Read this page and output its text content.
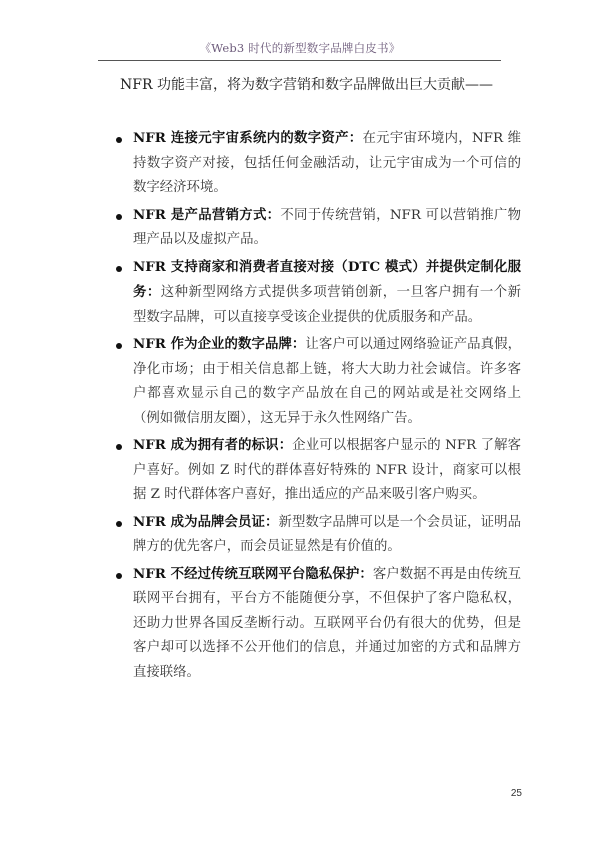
《Web3 时代的新型数字品牌白皮书》
NFR 功能丰富，将为数字营销和数字品牌做出巨大贡献——
NFR 连接元宇宙系统内的数字资产：在元宇宙环境内，NFR 维持数字资产对接，包括任何金融活动，让元宇宙成为一个可信的数字经济环境。
NFR 是产品营销方式：不同于传统营销，NFR 可以营销推广物理产品以及虚拟产品。
NFR 支持商家和消费者直接对接（DTC 模式）并提供定制化服务：这种新型网络方式提供多项营销创新，一旦客户拥有一个新型数字品牌，可以直接享受该企业提供的优质服务和产品。
NFR 作为企业的数字品牌：让客户可以通过网络验证产品真假，净化市场；由于相关信息都上链，将大大助力社会诚信。许多客户都喜欢显示自己的数字产品放在自己的网站或是社交网络上（例如微信朋友圈），这无异于永久性网络广告。
NFR 成为拥有者的标识：企业可以根据客户显示的 NFR 了解客户喜好。例如 Z 时代的群体喜好特殊的 NFR 设计，商家可以根据 Z 时代群体客户喜好，推出适应的产品来吸引客户购买。
NFR 成为品牌会员证：新型数字品牌可以是一个会员证，证明品牌方的优先客户，而会员证显然是有价值的。
NFR 不经过传统互联网平台隐私保护：客户数据不再是由传统互联网平台拥有，平台方不能随便分享，不但保护了客户隐私权，还助力世界各国反垄断行动。互联网平台仍有很大的优势，但是客户却可以选择不公开他们的信息，并通过加密的方式和品牌方直接联络。
25
